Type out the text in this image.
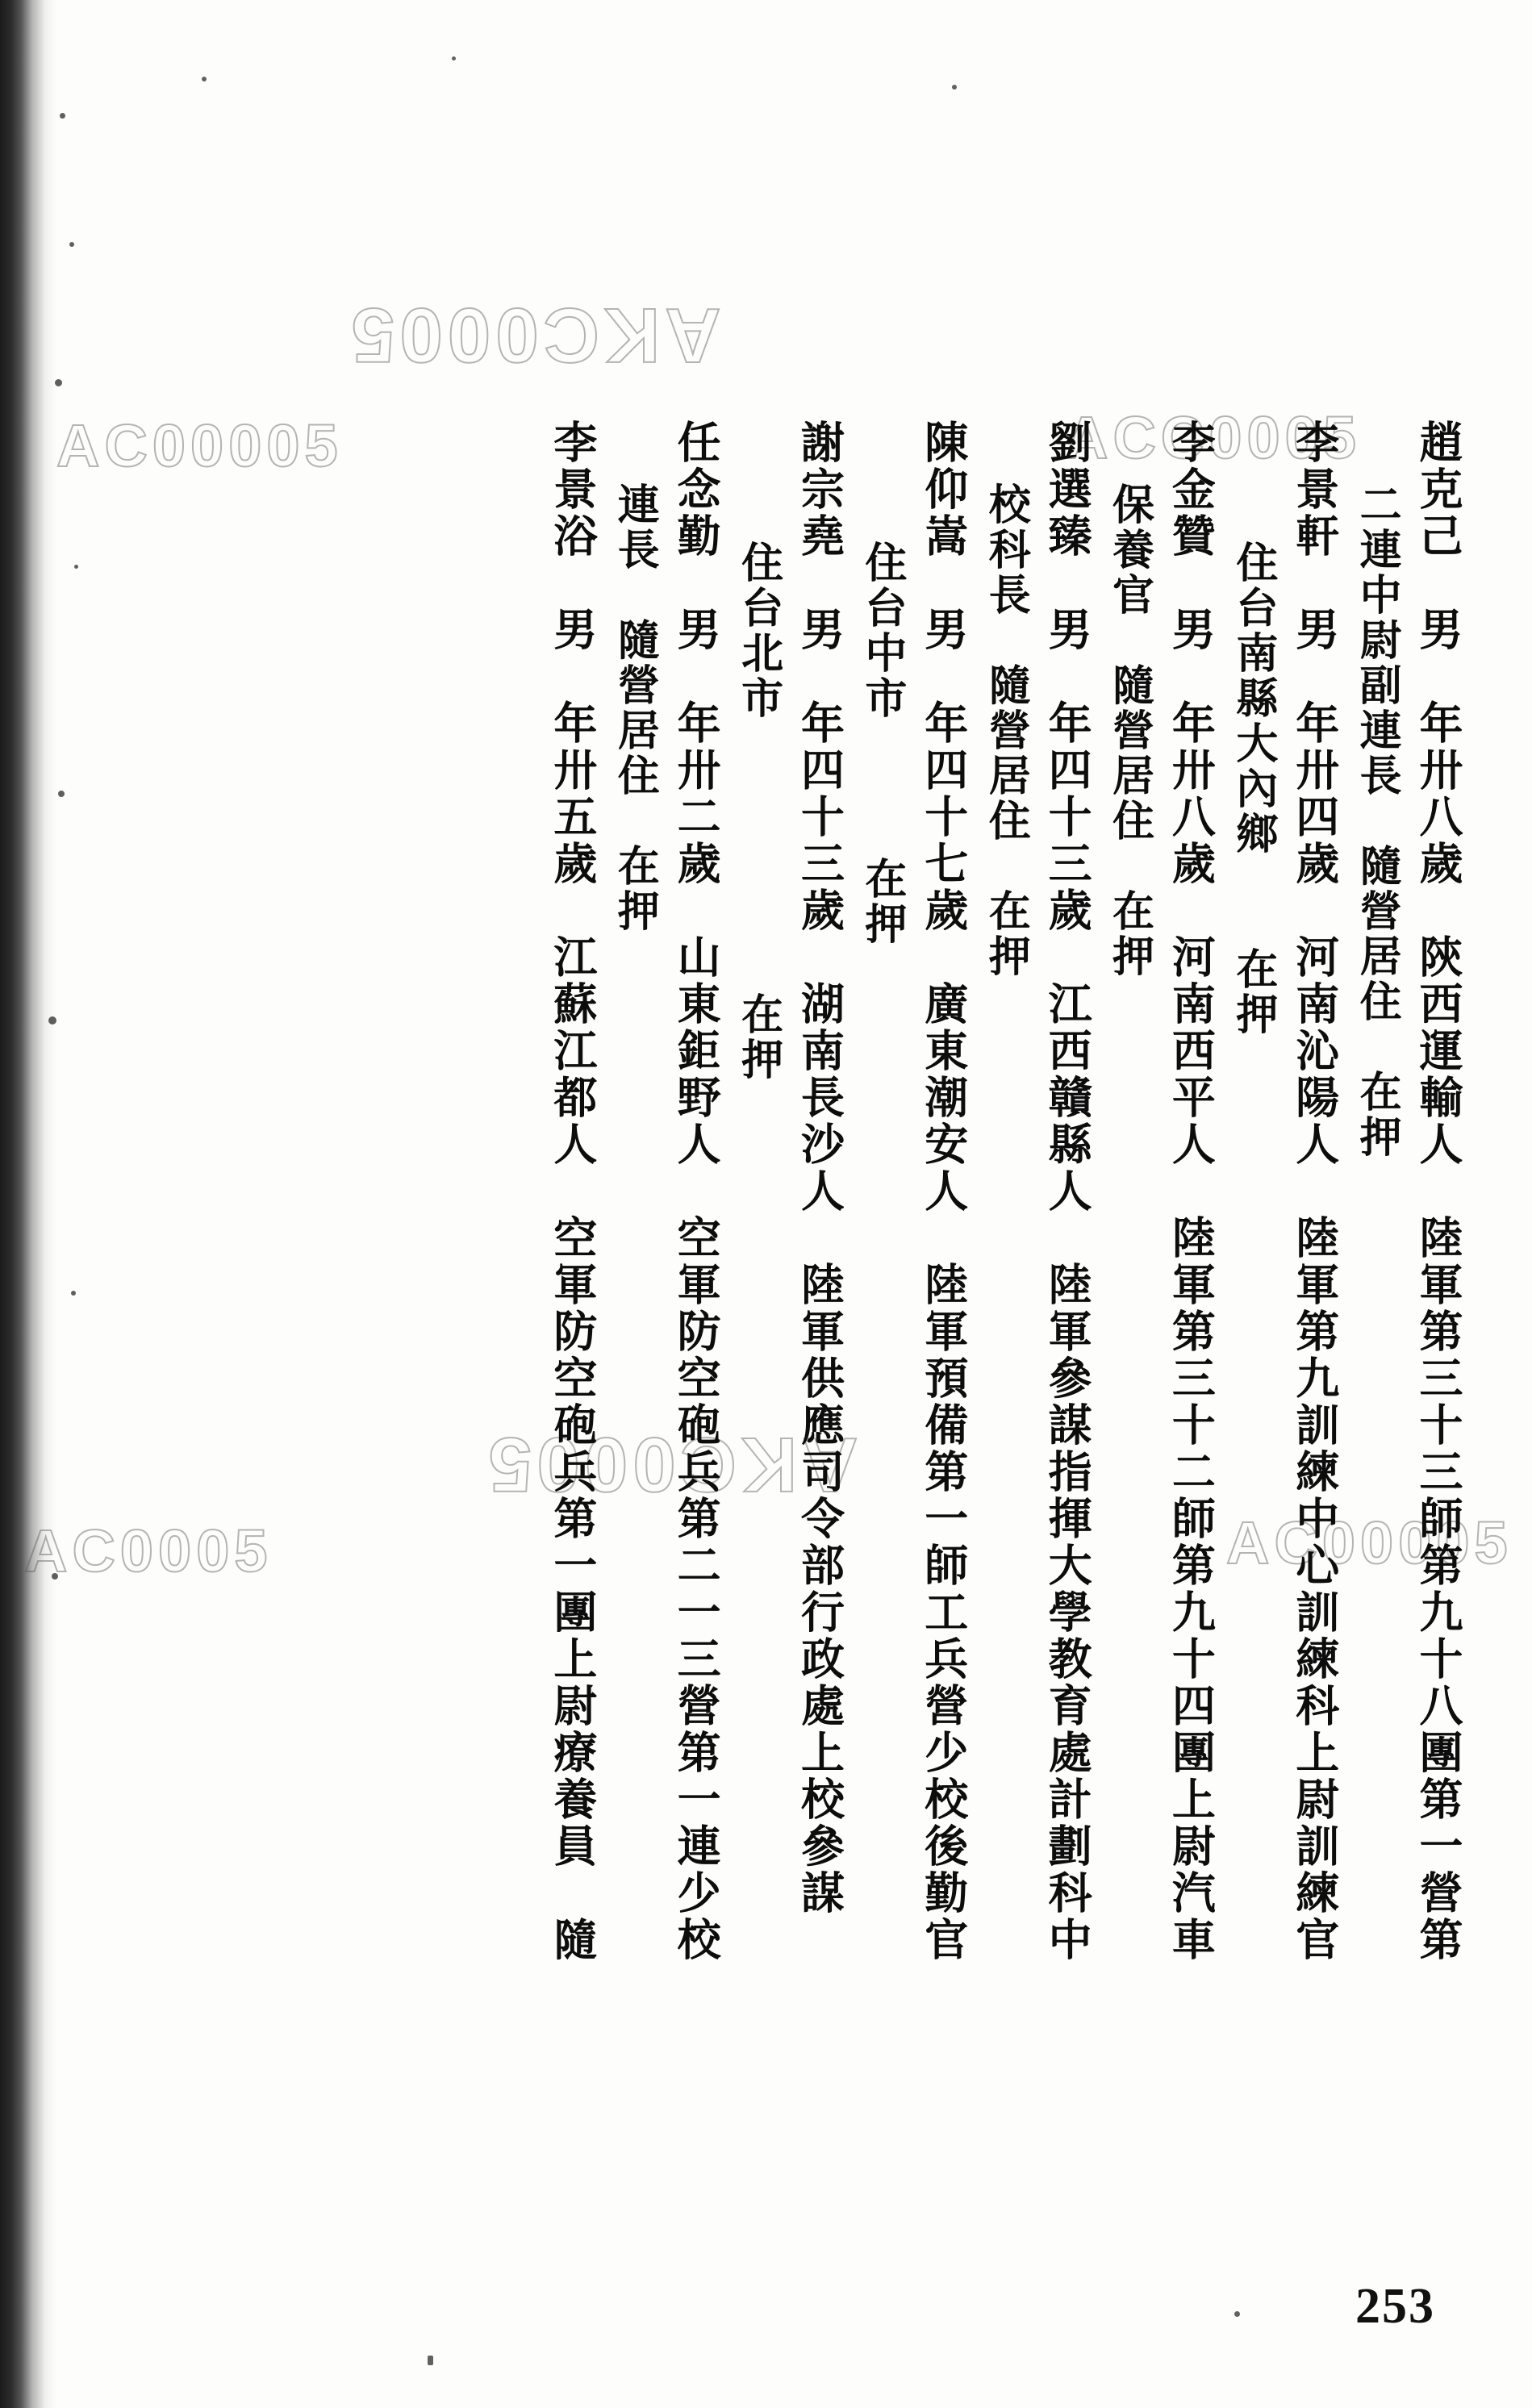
AKC0005
AC00005	ACC0005
AKC0005
AC0005	AC00005
趙克己　男　年卅八歲　陝西運輸人　陸軍第三十三師第九十八團第一營第
二連中尉副連長　隨營居住　在押
李景軒　男　年卅四歲　河南沁陽人　陸軍第九訓練中心訓練科上尉訓練官
住台南縣大內鄉　　在押
李金贊　男　年卅八歲　河南西平人　陸軍第三十二師第九十四團上尉汽車
保養官　隨營居住　在押
劉選臻　男　年四十三歲　江西贛縣人　陸軍參謀指揮大學教育處計劃科中
校科長　隨營居住　在押
陳仰嵩　男　年四十七歲　廣東潮安人　陸軍預備第一師工兵營少校後勤官
住台中市　　　在押
謝宗堯　男　年四十三歲　湖南長沙人　陸軍供應司令部行政處上校參謀
住台北市　　　　　　在押
任念勤　男　年卅二歲　山東鉅野人　空軍防空砲兵第二一三營第一連少校
連長　隨營居住　在押
李景浴　男　年卅五歲　江蘇江都人　空軍防空砲兵第一團上尉療養員　隨
253
